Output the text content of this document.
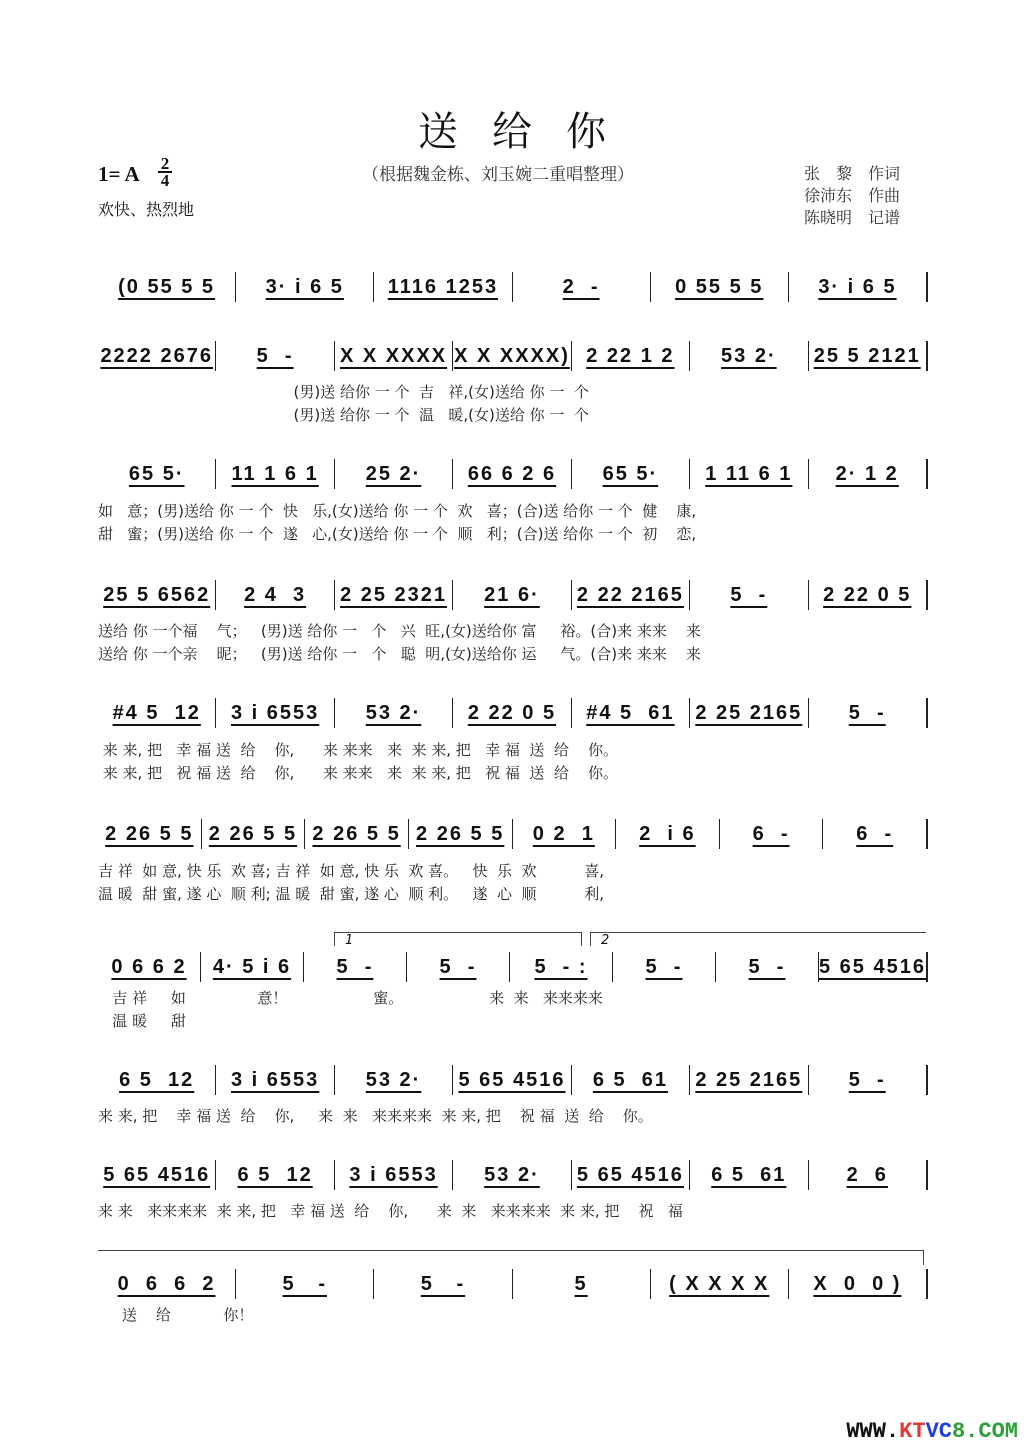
送给你
1= A 2
4
欢快、热烈地
（根据魏金栋、刘玉婉二重唱整理）	张　黎　作词
徐沛东　作曲
陈晓明　记谱
1	2
(0 55 5 5	3· i 6 5	1116 1253	2  -	0 55 5 5	3· i 6 5
2222 2676	5  -	X X XXXX X X XXXX) 2 22 1 2	53 2·	25 5 2121
(男)送 给你 一 个  吉   祥,(女)送给 你 一  个
(男)送 给你 一 个  温   暖,(女)送给 你 一  个
65 5·	11 1 6 1	25 2·	66 6 2 6	65 5·	1 11 6 1	2· 1 2
如   意；(男)送给 你 一 个  快   乐,(女)送给 你 一 个  欢   喜；(合)送 给你 一 个  健    康,
甜   蜜；(男)送给 你 一 个  遂   心,(女)送给 你 一 个  顺   利；(合)送 给你 一 个  初    恋,
25 5 6562	2 4  3	2 25 2321	21 6·	2 22 2165	5  -	2 22 0 5
送给 你 一个福    气；   (男)送 给你 一   个   兴  旺,(女)送给你 富     裕。(合)来 来来    来
送给 你 一个亲    昵；   (男)送 给你 一   个   聪  明,(女)送给你 运     气。(合)来 来来    来
#4 5  12	3 i 6553	53 2·	2 22 0 5	#4 5  61	2 25 2165	5  -
来 来, 把   幸 福 送  给    你,      来 来来   来  来 来, 把   幸 福  送  给    你。
来 来, 把   祝 福 送  给    你,      来 来来   来  来 来, 把   祝 福  送  给    你。
2 26 5 5 2 26 5 5 2 26 5 5 2 26 5 5	0 2  1	2  i 6	6  -	6  -
吉 祥  如 意, 快 乐  欢 喜; 吉 祥  如 意, 快 乐  欢 喜。   快  乐  欢          喜,
温 暖  甜 蜜, 遂 心  顺 利; 温 暖  甜 蜜, 遂 心  顺 利。   遂  心  顺          利,
0 6 6 2	4· 5 i 6	5  -	5  -	5  - :	5  -	5  -	5 65 4516
吉 祥     如               意！                  蜜。                  来  来   来来来来
温 暖     甜
6 5  12	3 i 6553	53 2·	5 65 4516	6 5  61	2 25 2165	5  -
来 来, 把    幸 福 送  给    你,     来  来   来来来来  来 来, 把    祝 福  送  给    你。
5 65 4516	6 5  12	3 i 6553	53 2·	5 65 4516	6 5  61	2  6
来 来   来来来来  来 来, 把   幸 福 送  给    你,      来  来   来来来来  来 来, 把    祝   福
0  6  6  2	5   -	5   -	5	( X X X X	X  0  0 )
送    给           你！
WWW.KTVC8.COM
